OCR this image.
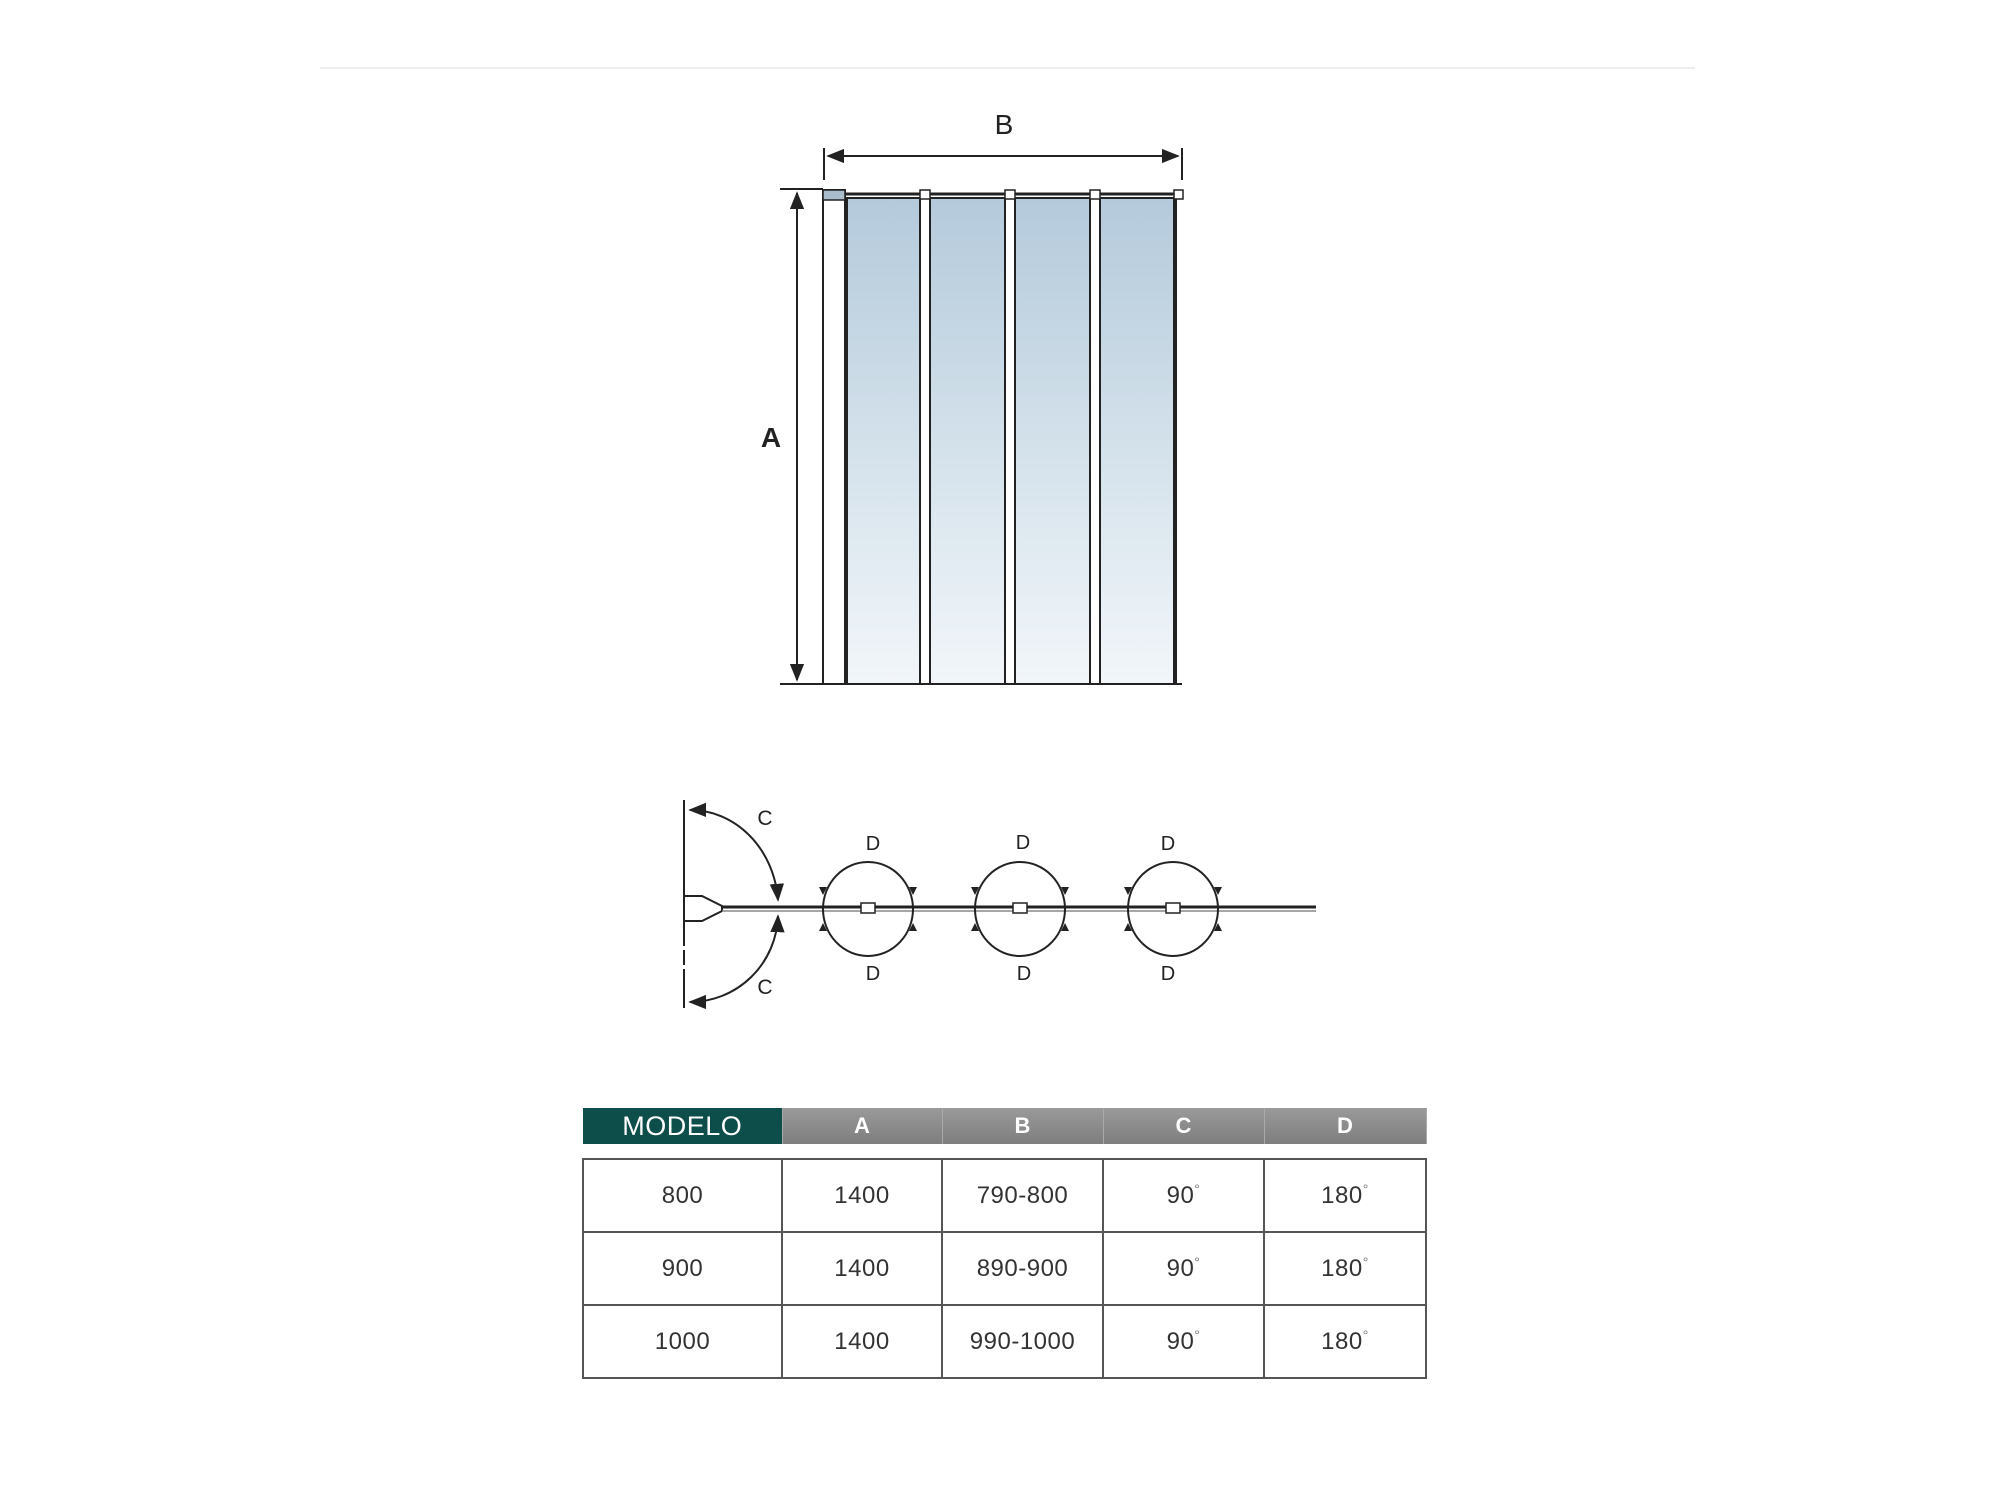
B
A
C
C
D
D
D
D
D
D
MODELO	A	B	C	D

800	1400	790-800	90°	180°
900	1400	890-900	90°	180°
1000	1400	990-1000	90°	180°
